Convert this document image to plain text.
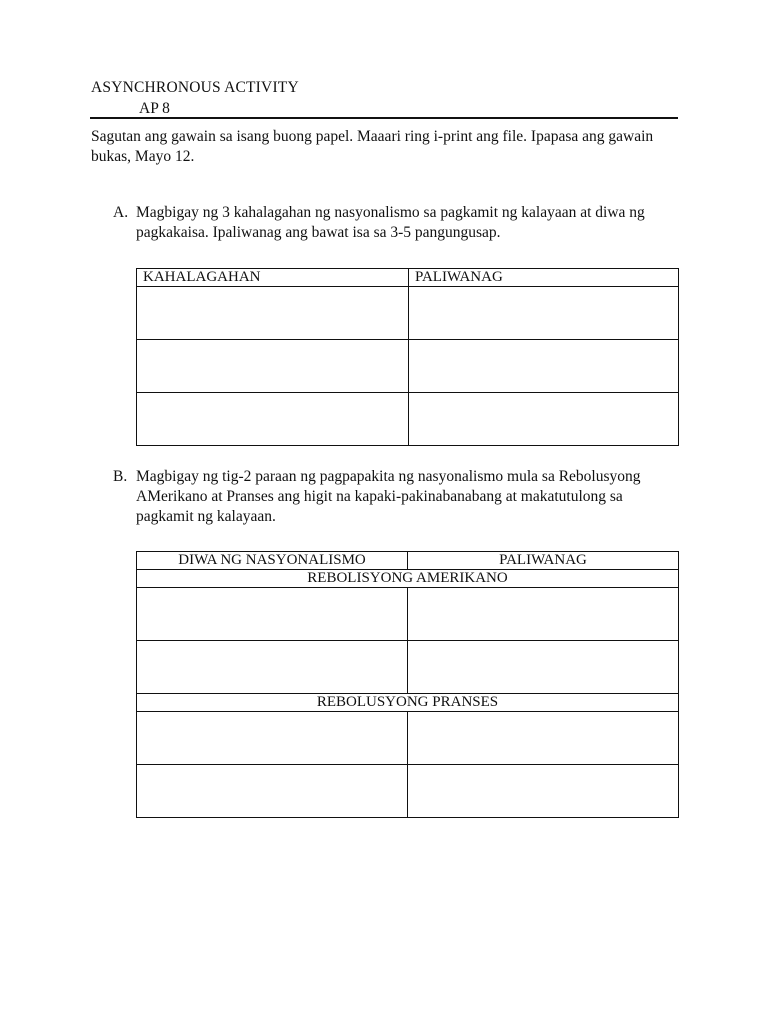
ASYNCHRONOUS ACTIVITY
AP 8
Sagutan ang gawain sa isang buong papel. Maaari ring i-print ang file. Ipapasa ang gawain bukas, Mayo 12.
A. Magbigay ng 3 kahalagahan ng nasyonalismo sa pagkamit ng kalayaan at diwa ng pagkakaisa. Ipaliwanag ang bawat isa sa 3-5 pangungusap.
KAHALAGAHAN	PALIWANAG

B. Magbigay ng tig-2 paraan ng pagpapakita ng nasyonalismo mula sa Rebolusyong AMerikano at Pranses ang higit na kapaki-pakinabanabang at makatutulong sa pagkamit ng kalayaan.
DIWA NG NASYONALISMO	PALIWANAG
REBOLISYONG AMERIKANO	

REBOLUSYONG PRANSES	
